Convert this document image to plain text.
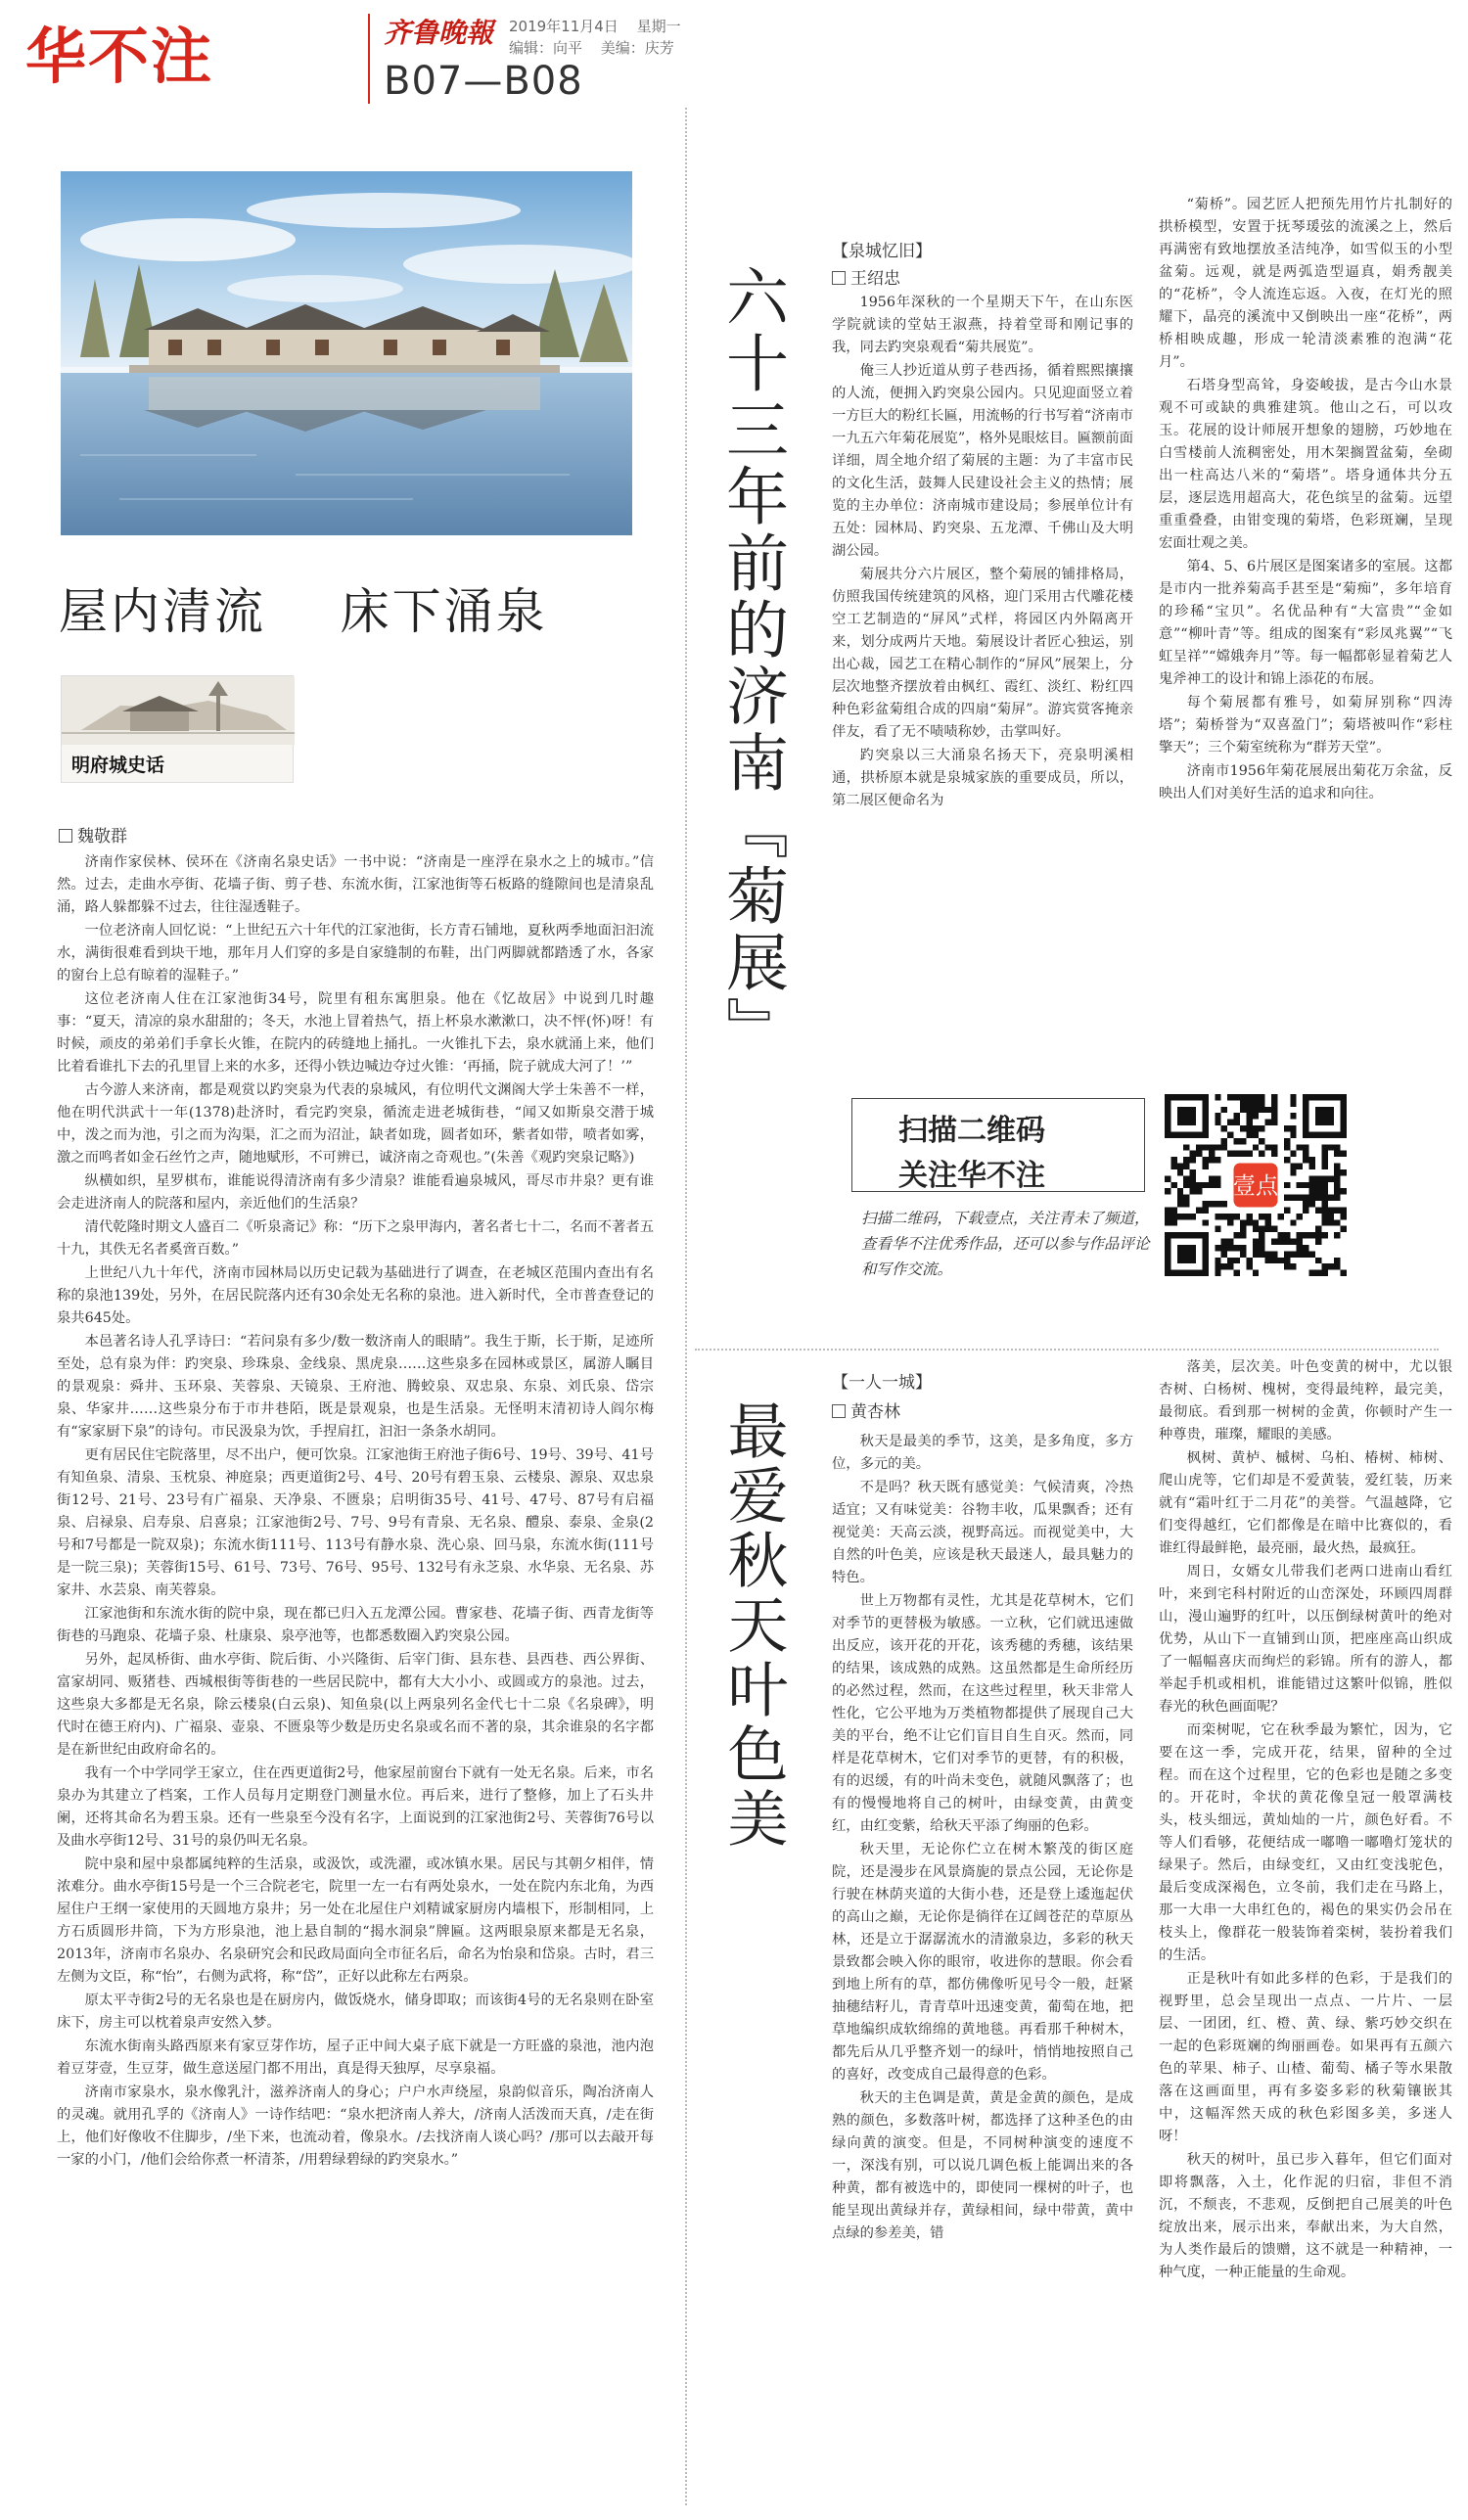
华不注	齐鲁晚報 2019年11月4日 星期一
编辑：向平 美编：庆芳
B07—B08
屋内清流    床下涌泉
明府城史话
魏敬群

济南作家侯林、侯环在《济南名泉史话》一书中说：“济南是一座浮在泉水之上的城市。”信然。过去，走曲水亭街、花墙子街、剪子巷、东流水街，江家池街等石板路的缝隙间也是清泉乱涌，路人躲都躲不过去，往往湿透鞋子。

一位老济南人回忆说：“上世纪五六十年代的江家池街，长方青石铺地，夏秋两季地面汩汩流水，满街很难看到块干地，那年月人们穿的多是自家缝制的布鞋，出门两脚就都踏透了水，各家的窗台上总有晾着的湿鞋子。”

这位老济南人住在江家池街34号，院里有租东寓胆泉。他在《忆故居》中说到几时趣事：“夏天，清凉的泉水甜甜的；冬天，水池上冒着热气，捂上杯泉水漱漱口，决不怦(怀)呀！有时候，顽皮的弟弟们手拿长火锥，在院内的砖缝地上捅扎。一火锥扎下去，泉水就涌上来，他们比着看谁扎下去的孔里冒上来的水多，还得小铁边喊边夺过火锥：‘再捅，院子就成大河了！’”

古今游人来济南，都是观赏以趵突泉为代表的泉城风，有位明代文渊阁大学士朱善不一样，他在明代洪武十一年(1378)赴济时，看完趵突泉，循流走进老城街巷，“闻又如斯泉交潜于城中，泼之而为池，引之而为沟渠，汇之而为沼沚，缺者如珑，圆者如环，紫者如带，喷者如雾，激之而鸣者如金石丝竹之声，随地赋形，不可辨已，诚济南之奇观也。”(朱善《观趵突泉记略》)

纵横如织，星罗棋布，谁能说得清济南有多少清泉？谁能看遍泉城风，哥尽市井泉？更有谁会走进济南人的院落和屋内，亲近他们的生活泉？

清代乾隆时期文人盛百二《听泉斋记》称：“历下之泉甲海内，著名者七十二，名而不著者五十九，其佚无名者奚啻百数。”

上世纪八九十年代，济南市园林局以历史记载为基础进行了调查，在老城区范围内查出有名称的泉池139处，另外，在居民院落内还有30余处无名称的泉池。进入新时代，全市普查登记的泉共645处。

本邑著名诗人孔孚诗曰：“若问泉有多少/数一数济南人的眼睛”。我生于斯，长于斯，足迹所至处，总有泉为伴：趵突泉、珍珠泉、金线泉、黑虎泉……这些泉多在园林或景区，属游人瞩目的景观泉：舜井、玉环泉、芙蓉泉、天镜泉、王府池、腾蛟泉、双忠泉、东泉、刘氏泉、岱宗泉、华家井……这些泉分布于市井巷陌，既是景观泉，也是生活泉。无怪明末清初诗人阎尔梅有“家家厨下泉”的诗句。市民汲泉为饮，手捏肩扛，汩汩一条条水胡同。

更有居民住宅院落里，尽不出户，便可饮泉。江家池街王府池子街6号、19号、39号、41号有知鱼泉、清泉、玉枕泉、神庭泉；西更道街2号、4号、20号有碧玉泉、云楼泉、源泉、双忠泉街12号、21号、23号有广福泉、天净泉、不匮泉；启明街35号、41号、47号、87号有启福泉、启禄泉、启寿泉、启喜泉；江家池街2号、7号、9号有青泉、无名泉、醴泉、泰泉、金泉(2号和7号都是一院双泉)；东流水街111号、113号有静水泉、洗心泉、回马泉，东流水街(111号是一院三泉)；芙蓉街15号、61号、73号、76号、95号、132号有永芝泉、水华泉、无名泉、苏家井、水芸泉、南芙蓉泉。

江家池街和东流水街的院中泉，现在都已归入五龙潭公园。曹家巷、花墙子街、西青龙街等街巷的马跑泉、花墙子泉、杜康泉、泉亭池等，也都悉数圈入趵突泉公园。

另外，起凤桥街、曲水亭街、院后街、小兴隆街、后宰门街、县东巷、县西巷、西公界街、富家胡同、贩猪巷、西城根街等街巷的一些居民院中，都有大大小小、或圆或方的泉池。过去，这些泉大多都是无名泉，除云楼泉(白云泉)、知鱼泉(以上两泉列名金代七十二泉《名泉碑》，明代时在德王府内)、广福泉、壶泉、不匮泉等少数是历史名泉或名而不著的泉，其余谁泉的名字都是在新世纪由政府命名的。

我有一个中学同学王家立，住在西更道街2号，他家屋前窗台下就有一处无名泉。后来，市名泉办为其建立了档案，工作人员每月定期登门测量水位。再后来，进行了整修，加上了石头井阑，还将其命名为碧玉泉。还有一些泉至今没有名字，上面说到的江家池街2号、芙蓉街76号以及曲水亭街12号、31号的泉仍叫无名泉。

院中泉和屋中泉都属纯粹的生活泉，或汲饮，或洗濯，或冰镇水果。居民与其朝夕相伴，情浓难分。曲水亭街15号是一个三合院老宅，院里一左一右有两处泉水，一处在院内东北角，为西屋住户王纲一家使用的天圆地方泉井；另一处在北屋住户刘精诚家厨房内墙根下，形制相同，上方石质圆形井筒，下为方形泉池，池上悬自制的“揭水洞泉”牌匾。这两眼泉原来都是无名泉，2013年，济南市名泉办、名泉研究会和民政局面向全市征名后，命名为怡泉和岱泉。古时，君三左侧为文臣，称“怡”，右侧为武将，称“岱”，正好以此称左右两泉。

原太平寺街2号的无名泉也是在厨房内，做饭烧水，储身即取；而该街4号的无名泉则在卧室床下，房主可以枕着泉声安然入梦。

东流水街南头路西原来有家豆芽作坊，屋子正中间大桌子底下就是一方旺盛的泉池，池内泡着豆芽壹，生豆芽，做生意送屋门都不用出，真是得天独厚，尽享泉福。

济南市家泉水，泉水像乳汁，滋养济南人的身心；户户水声绕屋，泉韵似音乐，陶冶济南人的灵魂。就用孔孚的《济南人》一诗作结吧：“泉水把济南人养大，/济南人活泼而天真，/走在街上，他们好像收不住脚步，/坐下来，也流动着，像泉水。/去找济南人谈心吗？/那可以去敲开每一家的小门，/他们会给你煮一杯清茶，/用碧绿碧绿的趵突泉水。”

六十三年前的济南『菊展』
【泉城忆旧】
王绍忠

1956年深秋的一个星期天下午，在山东医学院就读的堂姑王淑燕，持着堂哥和刚记事的我，同去趵突泉观看“菊共展览”。

俺三人抄近道从剪子巷西扬，循着熙熙攘攘的人流，便拥入趵突泉公园内。只见迎面竖立着一方巨大的粉红长匾，用流畅的行书写着“济南市一九五六年菊花展览”，格外晃眼炫目。匾额前面详细，周全地介绍了菊展的主题：为了丰富市民的文化生活，鼓舞人民建设社会主义的热情；展览的主办单位：济南城市建设局；参展单位计有五处：园林局、趵突泉、五龙潭、千佛山及大明湖公园。

菊展共分六片展区，整个菊展的铺排格局，仿照我国传统建筑的风格，迎门采用古代雕花楼空工艺制造的“屏风”式样，将园区内外隔离开来，划分成两片天地。菊展设计者匠心独运，别出心裁，园艺工在精心制作的“屏风”展架上，分层次地整齐摆放着由枫红、霞红、淡红、粉红四种色彩盆菊组合成的四扇“菊屏”。游宾赏客掩亲伴友，看了无不啧啧称妙，击掌叫好。

趵突泉以三大涌泉名扬天下，亮泉明溪相通，拱桥原本就是泉城家族的重要成员，所以，第二展区便命名为

“菊桥”。园艺匠人把预先用竹片扎制好的拱桥模型，安置于抚琴瑗弦的流溪之上，然后再满密有致地摆放圣洁纯净，如雪似玉的小型盆菊。远观，就是两弧造型逼真，娟秀靓美的“花桥”，令人流连忘返。入夜，在灯光的照耀下，晶亮的溪流中又倒映出一座“花桥”，两桥相映成趣，形成一轮清淡素雅的泡满“花月”。

石塔身型高耸，身姿峻拔，是古今山水景观不可或缺的典雅建筑。他山之石，可以攻玉。花展的设计师展开想象的翅膀，巧妙地在白雪楼前人流稠密处，用木架搁置盆菊，垒砌出一柱高达八米的“菊塔”。塔身通体共分五层，逐层选用超高大，花色缤呈的盆菊。远望重重叠叠，由钳变瑰的菊塔，色彩斑斓，呈现宏面壮观之美。

第4、5、6片展区是图案诸多的室展。这都是市内一批养菊高手甚至是“菊痴”，多年培育的珍稀“宝贝”。名优品种有“大富贵”“金如意”“柳叶青”等。组成的图案有“彩凤兆翼”“飞虹呈祥”“嫦娥奔月”等。每一幅都彰显着菊艺人鬼斧神工的设计和锦上添花的布展。

每个菊展都有雅号，如菊屏别称“四涛塔”；菊桥誉为“双喜盈门”；菊塔被叫作“彩柱擎天”；三个菊室统称为“群芳天堂”。

济南市1956年菊花展展出菊花万余盆，反映出人们对美好生活的追求和向往。

扫描二维码
关注华不注
扫描二维码，下载壹点，关注青未了频道，查看华不注优秀作品，还可以参与作品评论和写作交流。
壹点
最爱秋天叶色美
【一人一城】
黄杏林

秋天是最美的季节，这美，是多角度，多方位，多元的美。

不是吗？秋天既有感觉美：气候清爽，冷热适宜；又有味觉美：谷物丰收，瓜果飘香；还有视觉美：天高云淡，视野高远。而视觉美中，大自然的叶色美，应该是秋天最迷人，最具魅力的特色。

世上万物都有灵性，尤其是花草树木，它们对季节的更替极为敏感。一立秋，它们就迅速做出反应，该开花的开花，该秀穗的秀穗，该结果的结果，该成熟的成熟。这虽然都是生命所经历的必然过程，然而，在这些过程里，秋天非常人性化，它公平地为万类植物都提供了展现自己大美的平台，绝不让它们盲目自生自灭。然而，同样是花草树木，它们对季节的更替，有的积极，有的迟缓，有的叶尚未变色，就随风飘落了；也有的慢慢地将自己的树叶，由绿变黄，由黄变红，由红变紫，给秋天平添了绚丽的色彩。

秋天里，无论你伫立在树木繁茂的街区庭院，还是漫步在风景旖旎的景点公园，无论你是行驶在林荫夹道的大街小巷，还是登上逶迤起伏的高山之巅，无论你是徜徉在辽阔苍茫的草原丛林，还是立于潺潺流水的清澈泉边，多彩的秋天景致都会映入你的眼帘，收进你的慧眼。你会看到地上所有的草，都仿佛像听见号令一般，赶紧抽穗结籽儿，青青草叶迅速变黄，葡萄在地，把草地编织成软绵绵的黄地毯。再看那千种树木，都先后从几乎整齐划一的绿叶，悄悄地按照自己的喜好，改变成自己最得意的色彩。

秋天的主色调是黄，黄是金黄的颜色，是成熟的颜色，多数落叶树，都选择了这种圣色的由绿向黄的演变。但是，不同树种演变的速度不一，深浅有别，可以说几调色板上能调出来的各种黄，都有被选中的，即使同一棵树的叶子，也能呈现出黄绿并存，黄绿相间，绿中带黄，黄中点绿的参差美，错

落美，层次美。叶色变黄的树中，尤以银杏树、白杨树、槐树，变得最纯粹，最完美，最彻底。看到那一树树的金黄，你顿时产生一种尊贵，璀璨，耀眼的美感。

枫树、黄栌、槭树、乌桕、椿树、柿树、爬山虎等，它们却是不爱黄装，爱红装，历来就有“霜叶红于二月花”的美誉。气温越降，它们变得越红，它们都像是在暗中比赛似的，看谁红得最鲜艳，最亮丽，最火热，最疯狂。

周日，女婿女儿带我们老两口进南山看红叶，来到宅科村附近的山峦深处，环顾四周群山，漫山遍野的红叶，以压倒绿树黄叶的绝对优势，从山下一直铺到山顶，把座座高山织成了一幅幅喜庆而绚烂的彩锦。所有的游人，都举起手机或相机，谁能错过这繁叶似锦，胜似春光的秋色画面呢？

而栾树呢，它在秋季最为繁忙，因为，它要在这一季，完成开花，结果，留种的全过程。而在这个过程里，它的色彩也是随之多变的。开花时，伞状的黄花像皇冠一般罩满枝头，枝头细远，黄灿灿的一片，颜色好看。不等人们看够，花便结成一嘟噜一嘟噜灯笼状的绿果子。然后，由绿变红，又由红变浅驼色，最后变成深褐色，立冬前，我们走在马路上，那一大串一大串红色的，褐色的果实仍会吊在枝头上，像群花一般装饰着栾树，装扮着我们的生活。

正是秋叶有如此多样的色彩，于是我们的视野里，总会呈现出一点点、一片片、一层层、一团团，红、橙、黄、绿、紫巧妙交织在一起的色彩斑斓的绚丽画卷。如果再有五颜六色的苹果、柿子、山楂、葡萄、橘子等水果散落在这画面里，再有多姿多彩的秋菊镶嵌其中，这幅浑然天成的秋色彩图多美，多迷人呀！

秋天的树叶，虽已步入暮年，但它们面对即将飘落，入土，化作泥的归宿，非但不消沉，不颓丧，不悲观，反倒把自己展美的叶色绽放出来，展示出来，奉献出来，为大自然，为人类作最后的馈赠，这不就是一种精神，一种气度，一种正能量的生命观。
